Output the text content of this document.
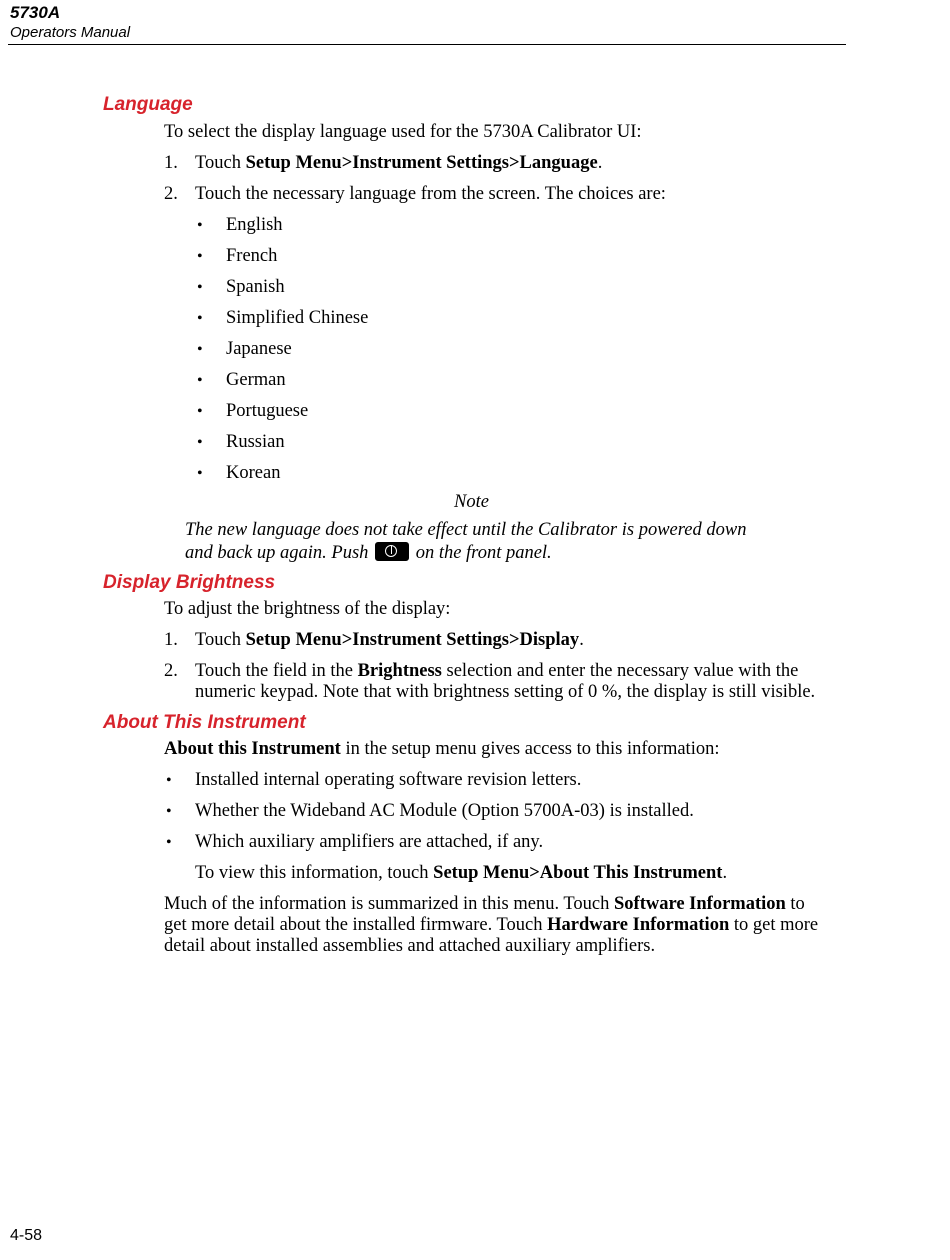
5730A
Operators Manual
Language
To select the display language used for the 5730A Calibrator UI:
1. Touch Setup Menu>Instrument Settings>Language.
2. Touch the necessary language from the screen. The choices are:
• English
• French
• Spanish
• Simplified Chinese
• Japanese
• German
• Portuguese
• Russian
• Korean
Note
The new language does not take effect until the Calibrator is powered down
and back up again. Push
on the front panel.
Display Brightness
To adjust the brightness of the display:
1. Touch Setup Menu>Instrument Settings>Display.
2. Touch the field in the Brightness selection and enter the necessary value with the
numeric keypad. Note that with brightness setting of 0 %, the display is still visible.
About This Instrument
About this Instrument in the setup menu gives access to this information:
• Installed internal operating software revision letters.
• Whether the Wideband AC Module (Option 5700A-03) is installed.
• Which auxiliary amplifiers are attached, if any.
To view this information, touch Setup Menu>About This Instrument.
Much of the information is summarized in this menu. Touch Software Information to
get more detail about the installed firmware. Touch Hardware Information to get more
detail about installed assemblies and attached auxiliary amplifiers.
4-58
